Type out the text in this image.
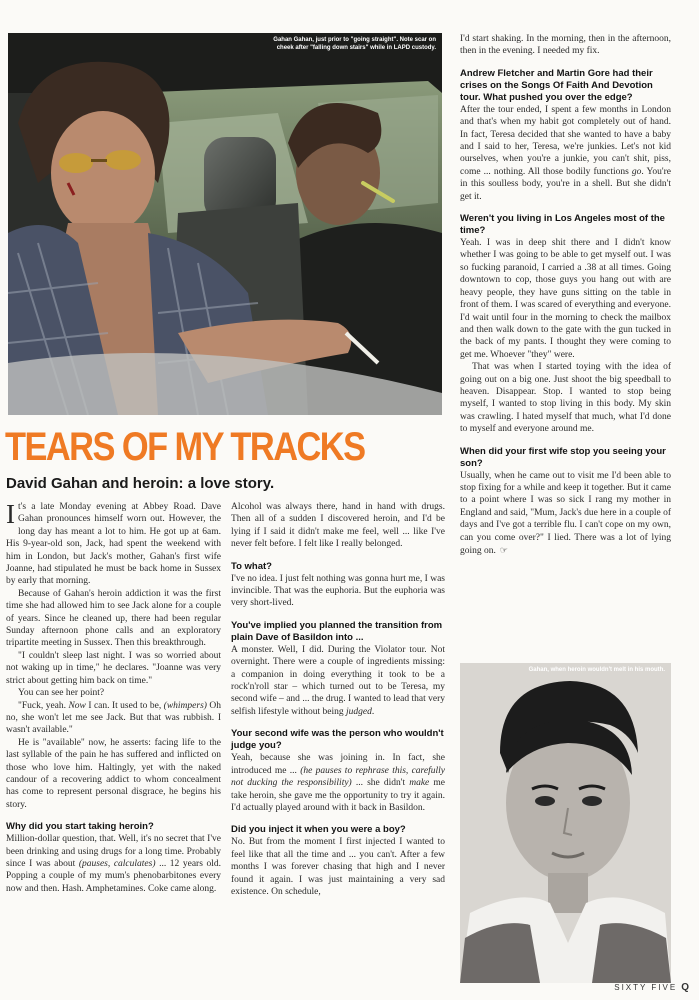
Gahan Gahan, just prior to "going straight". Note scar on cheek after "falling down stairs" while in LAPD custody.
TEARS OF MY TRACKS
David Gahan and heroin: a love story.

It's a late Monday evening at Abbey Road. Dave Gahan pronounces himself worn out. However, the long day has meant a lot to him. He got up at 6am. His 9-year-old son, Jack, had spent the weekend with him in London, but Jack's mother, Gahan's first wife Joanne, had stipulated he must be back home in Sussex by early that morning.

Because of Gahan's heroin addiction it was the first time she had allowed him to see Jack alone for a couple of years. Since he cleaned up, there had been regular Sunday afternoon phone calls and an exploratory tripartite meeting in Sussex. Then this breakthrough.

"I couldn't sleep last night. I was so worried about not waking up in time," he declares. "Joanne was very strict about getting him back on time."

You can see her point?

"Fuck, yeah. Now I can. It used to be, (whimpers) Oh no, she won't let me see Jack. But that was rubbish. I wasn't available."

He is "available" now, he asserts: facing life to the last syllable of the pain he has suffered and inflicted on those who love him. Haltingly, yet with the naked candour of a recovering addict to whom concealment has come to represent personal disgrace, he begins his story.

Why did you start taking heroin?

Million-dollar question, that. Well, it's no secret that I've been drinking and using drugs for a long time. Probably since I was about (pauses, calculates) ... 12 years old. Popping a couple of my mum's phenobarbitones every now and then. Hash. Amphetamines. Coke came along.

Alcohol was always there, hand in hand with drugs. Then all of a sudden I discovered heroin, and I'd be lying if I said it didn't make me feel, well ... like I've never felt before. I felt like I really belonged.

To what?

I've no idea. I just felt nothing was gonna hurt me, I was invincible. That was the euphoria. But the euphoria was very short-lived.

You've implied you planned the transition from plain Dave of Basildon into ...

A monster. Well, I did. During the Violator tour. Not overnight. There were a couple of ingredients missing: a companion in doing everything it took to be a rock'n'roll star – which turned out to be Teresa, my second wife – and ... the drug. I wanted to lead that very selfish lifestyle without being judged.

Your second wife was the person who wouldn't judge you?

Yeah, because she was joining in. In fact, she introduced me ... (he pauses to rephrase this, carefully not ducking the responsibility) ... she didn't make me take heroin, she gave me the opportunity to try it again. I'd actually played around with it back in Basildon.

Did you inject it when you were a boy?

No. But from the moment I first injected I wanted to feel like that all the time and ... you can't. After a few months I was forever chasing that high and I never found it again. I was just maintaining a very sad existence. On schedule,

I'd start shaking. In the morning, then in the afternoon, then in the evening. I needed my fix.

Andrew Fletcher and Martin Gore had their crises on the Songs Of Faith And Devotion tour. What pushed you over the edge?

After the tour ended, I spent a few months in London and that's when my habit got completely out of hand. In fact, Teresa decided that she wanted to have a baby and I said to her, Teresa, we're junkies. Let's not kid ourselves, when you're a junkie, you can't shit, piss, come ... nothing. All those bodily functions go. You're in this soulless body, you're in a shell. But she didn't get it.

Weren't you living in Los Angeles most of the time?

Yeah. I was in deep shit there and I didn't know whether I was going to be able to get myself out. I was so fucking paranoid, I carried a .38 at all times. Going downtown to cop, those guys you hang out with are heavy people, they have guns sitting on the table in front of them. I was scared of everything and everyone. I'd wait until four in the morning to check the mailbox and then walk down to the gate with the gun tucked in the back of my pants. I thought they were coming to get me. Whoever "they" were.

That was when I started toying with the idea of going out on a big one. Just shoot the big speedball to heaven. Disappear. Stop. I wanted to stop being myself, I wanted to stop living in this body. My skin was crawling. I hated myself that much, what I'd done to myself and everyone around me.

When did your first wife stop you seeing your son?

Usually, when he came out to visit me I'd been able to stop fixing for a while and keep it together. But it came to a point where I was so sick I rang my mother in England and said, "Mum, Jack's due here in a couple of days and I've got a terrible flu. I can't cope on my own, can you come over?" I lied. There was a lot of lying going on. ☞

Gahan, when heroin wouldn't melt in his mouth.
SIXTY FIVE Q
